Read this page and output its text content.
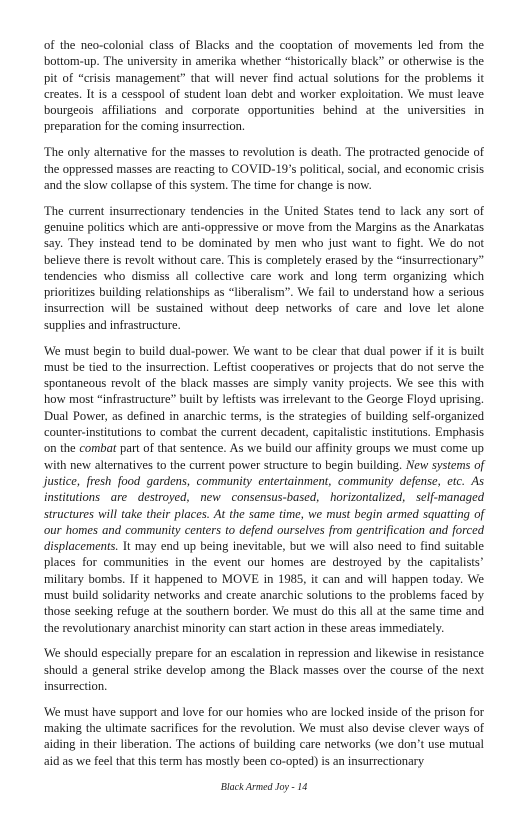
of the neo-colonial class of Blacks and the cooptation of movements led from the bottom-up. The university in amerika whether “historically black” or otherwise is the pit of “crisis management” that will never find actual solutions for the problems it creates. It is a cesspool of student loan debt and worker exploitation. We must leave bourgeois affiliations and corporate opportunities behind at the universities in preparation for the coming insurrection.

The only alternative for the masses to revolution is death. The protracted genocide of the oppressed masses are reacting to COVID-19’s political, social, and economic crisis and the slow collapse of this system. The time for change is now.

The current insurrectionary tendencies in the United States tend to lack any sort of genuine politics which are anti-oppressive or move from the Margins as the Anarkatas say. They instead tend to be dominated by men who just want to fight. We do not believe there is revolt without care. This is completely erased by the “insurrectionary” tendencies who dismiss all collective care work and long term organizing which prioritizes building relationships as “liberalism”. We fail to understand how a serious insurrection will be sustained without deep networks of care and love let alone supplies and infrastructure.

We must begin to build dual-power. We want to be clear that dual power if it is built must be tied to the insurrection. Leftist cooperatives or projects that do not serve the spontaneous revolt of the black masses are simply vanity projects. We see this with how most “infrastructure” built by leftists was irrelevant to the George Floyd uprising. Dual Power, as defined in anarchic terms, is the strategies of building self-organized counter-institutions to combat the current decadent, capitalistic institutions. Emphasis on the combat part of that sentence. As we build our affinity groups we must come up with new alternatives to the current power structure to begin building. New systems of justice, fresh food gardens, community entertainment, community defense, etc. As institutions are destroyed, new consensus-based, horizontalized, self-managed structures will take their places. At the same time, we must begin armed squatting of our homes and community centers to defend ourselves from gentrification and forced displacements. It may end up being inevitable, but we will also need to find suitable places for communities in the event our homes are destroyed by the capitalists’ military bombs. If it happened to MOVE in 1985, it can and will happen today. We must build solidarity networks and create anarchic solutions to the problems faced by those seeking refuge at the southern border. We must do this all at the same time and the revolutionary anarchist minority can start action in these areas immediately.

We should especially prepare for an escalation in repression and likewise in resistance should a general strike develop among the Black masses over the course of the next insurrection.

We must have support and love for our homies who are locked inside of the prison for making the ultimate sacrifices for the revolution. We must also devise clever ways of aiding in their liberation. The actions of building care networks (we don’t use mutual aid as we feel that this term has mostly been co-opted) is an insurrectionary

Black Armed Joy - 14
